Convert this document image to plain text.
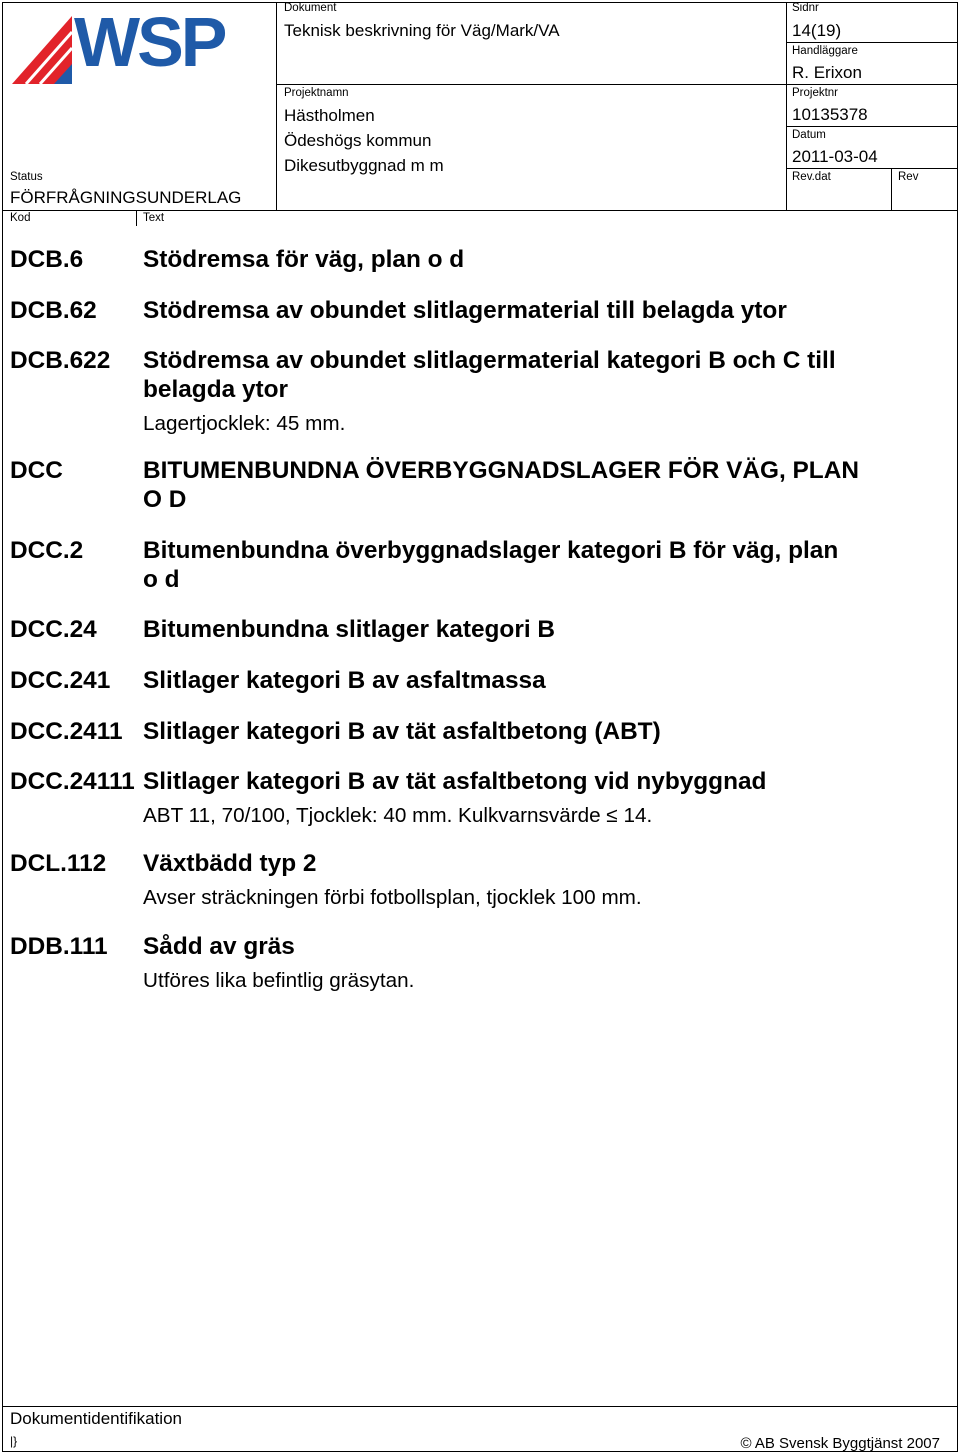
WSP
Status
FÖRFRÅGNINGSUNDERLAG
Dokument
Teknisk beskrivning för Väg/Mark/VA
Projektnamn
Hästholmen
Ödeshögs kommun
Dikesutbyggnad m m
Sidnr
14(19)
Handläggare
R. Erixon
Projektnr
10135378
Datum
2011-03-04
Rev.dat	Rev
Kod	Text
DCB.6 Stödremsa för väg, plan o d
DCB.62 Stödremsa av obundet slitlagermaterial till belagda ytor
DCB.622 Stödremsa av obundet slitlagermaterial kategori B och C till
belagda ytor
Lagertjocklek: 45 mm.
DCC	BITUMENBUNDNA ÖVERBYGGNADSLAGER FÖR VÄG, PLAN
O D
DCC.2 Bitumenbundna överbyggnadslager kategori B för väg, plan
o d
DCC.24 Bitumenbundna slitlager kategori B
DCC.241 Slitlager kategori B av asfaltmassa
DCC.2411 Slitlager kategori B av tät asfaltbetong (ABT)
DCC.24111 Slitlager kategori B av tät asfaltbetong vid nybyggnad
ABT 11, 70/100, Tjocklek: 40 mm. Kulkvarnsvärde ≤ 14.
DCL.112 Växtbädd typ 2
Avser sträckningen förbi fotbollsplan, tjocklek 100 mm.
DDB.111 Sådd av gräs
Utföres lika befintlig gräsytan.
Dokumentidentifikation
|}	© AB Svensk Byggtjänst 2007
